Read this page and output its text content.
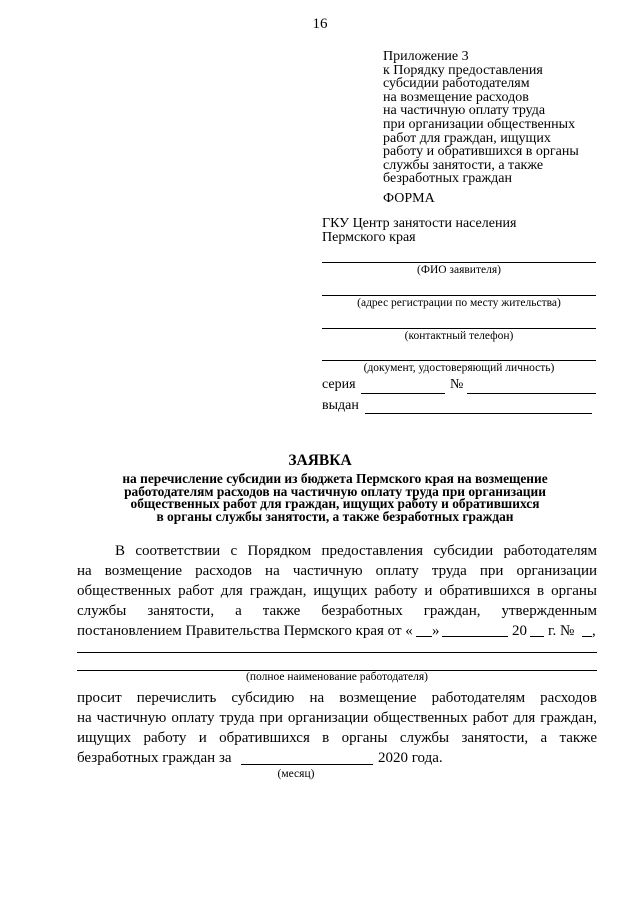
16
Приложение 3
к Порядку предоставления
субсидии работодателям
на возмещение расходов
на частичную оплату труда
при организации общественных
работ для граждан, ищущих
работу и обратившихся в органы
службы занятости, а также
безработных граждан
ФОРМА
ГКУ Центр занятости населения
Пермского края
(ФИО заявителя)
(адрес регистрации по месту жительства)
(контактный телефон)
(документ, удостоверяющий личность)
серия	№
выдан
ЗАЯВКА
на перечисление субсидии из бюджета Пермского края на возмещение
работодателям расходов на частичную оплату труда при организации
общественных работ для граждан, ищущих работу и обратившихся
в органы службы занятости, а также безработных граждан
В соответствии с Порядком предоставления субсидии работодателям
на возмещение расходов на частичную оплату труда при организации
общественных работ для граждан, ищущих работу и обратившихся в органы
службы занятости, а также безработных граждан, утвержденным
постановлением Правительства Пермского края от « »	20 г. № ,
(полное наименование работодателя)
просит перечислить субсидию на возмещение работодателям расходов
на частичную оплату труда при организации общественных работ для граждан,
ищущих работу и обратившихся в органы службы занятости, а также
безработных граждан за	2020 года.
(месяц)
